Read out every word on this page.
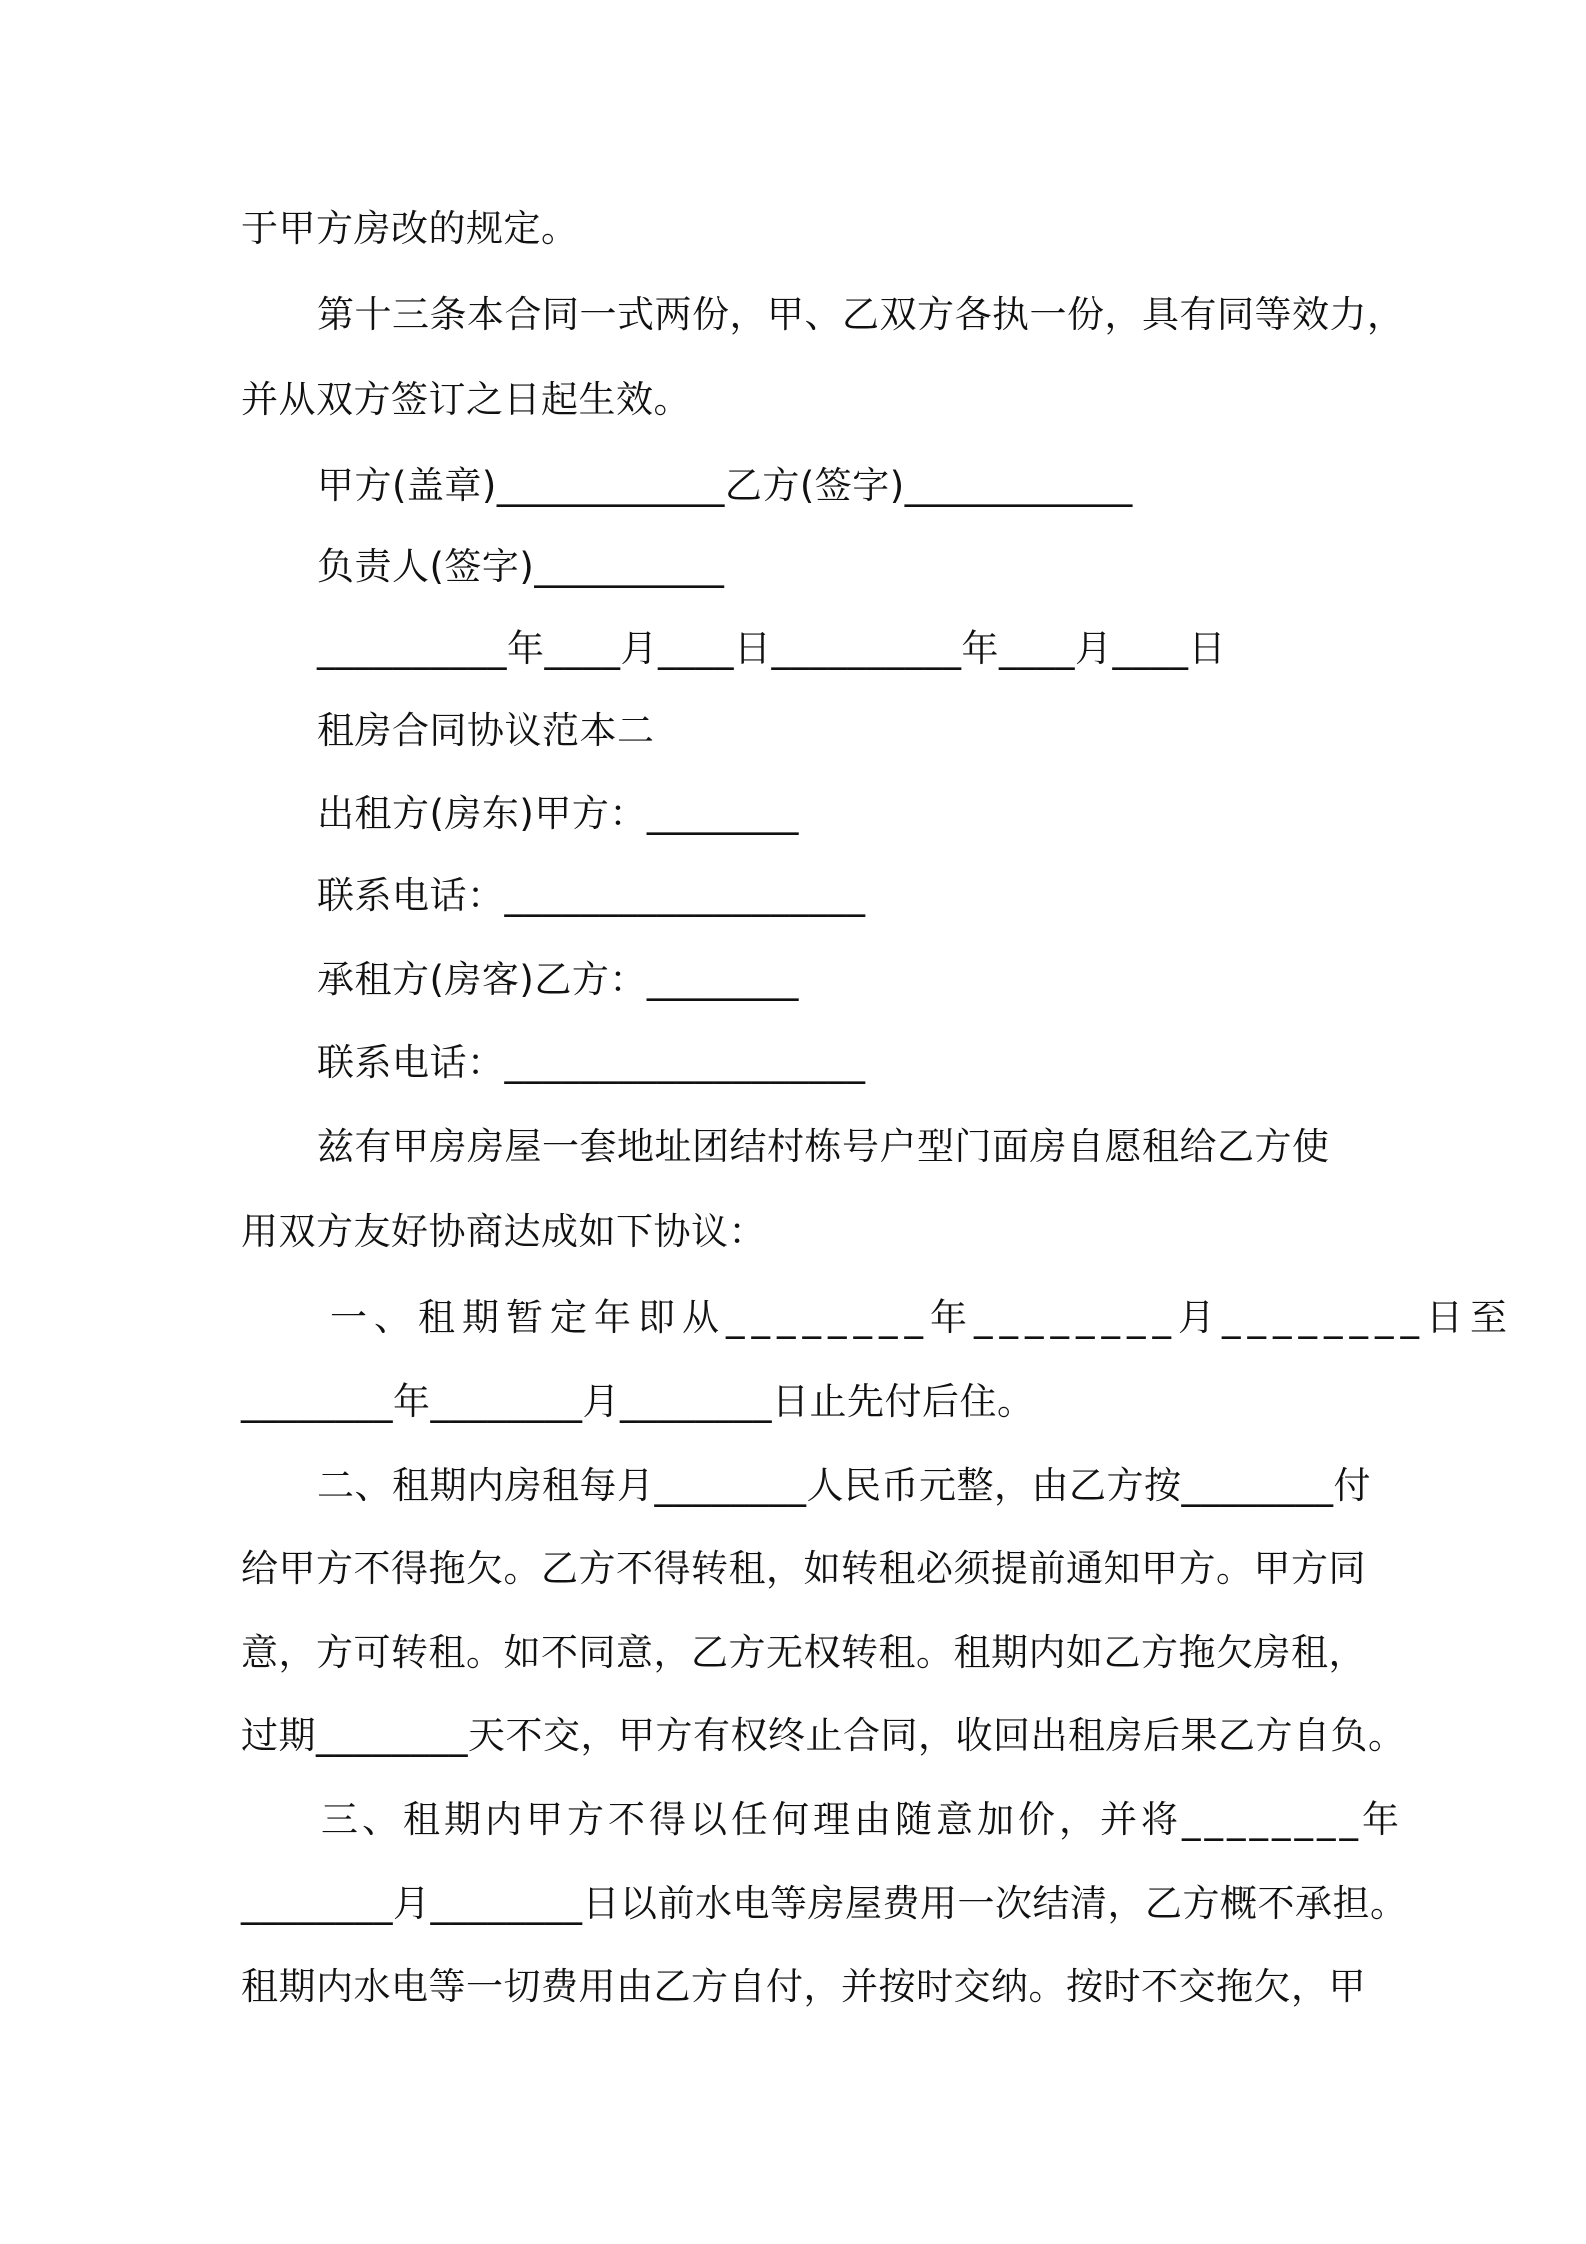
于甲方房改的规定。
第十三条本合同一式两份，甲、乙双方各执一份，具有同等效力，
并从双方签订之日起生效。
甲方(盖章)____________乙方(签字)____________
负责人(签字)__________
__________年____月____日__________年____月____日
租房合同协议范本二
出租方(房东)甲方：________
联系电话：___________________
承租方(房客)乙方：________
联系电话：___________________
兹有甲房房屋一套地址团结村栋号户型门面房自愿租给乙方使
用双方友好协商达成如下协议：
一、租期暂定年即从________年________月________日至
________年________月________日止先付后住。
二、租期内房租每月________人民币元整，由乙方按________付
给甲方不得拖欠。乙方不得转租，如转租必须提前通知甲方。甲方同
意，方可转租。如不同意，乙方无权转租。租期内如乙方拖欠房租，
过期________天不交，甲方有权终止合同，收回出租房后果乙方自负。
三、租期内甲方不得以任何理由随意加价，并将________年
________月________日以前水电等房屋费用一次结清，乙方概不承担。
租期内水电等一切费用由乙方自付，并按时交纳。按时不交拖欠，甲
